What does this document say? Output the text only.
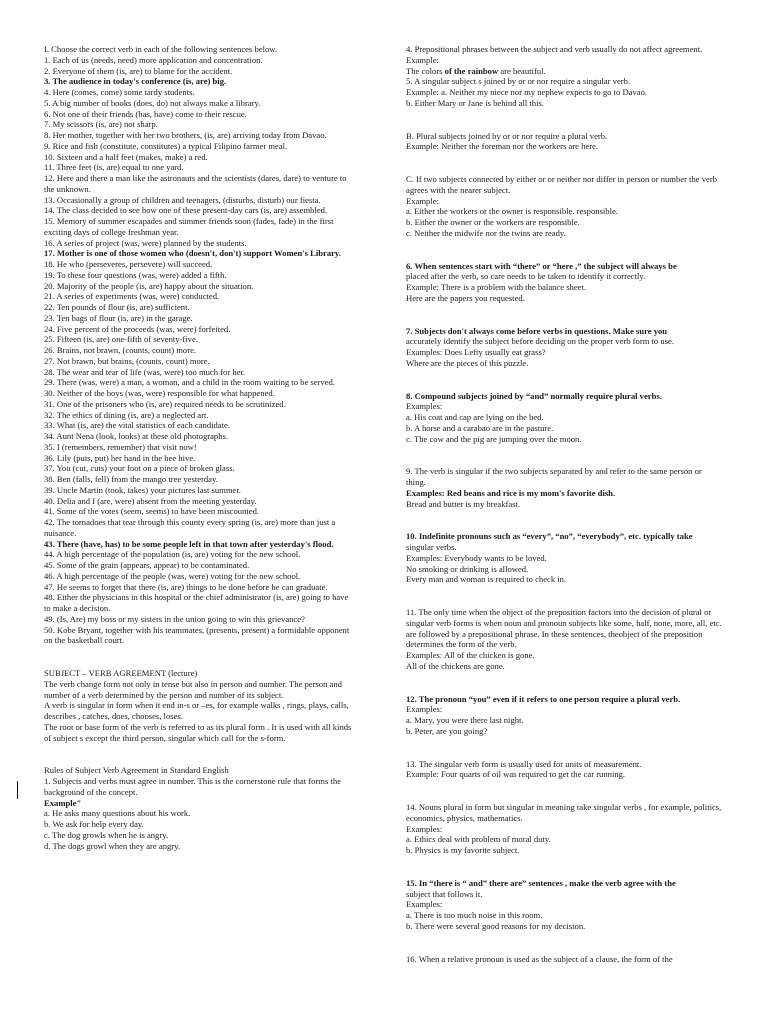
I. Choose the correct verb in each of the following sentences below.

1. Each of us (needs, need) more application and concentration.

2. Everyone of them (is, are) to blame for the accident.

3. The audience in today's conference (is, are) big.

4. Here (comes, come) some tardy students.

5. A big number of books (does, do) not always make a library.

6. Not one of their friends (has, have) come to their rescue.

7. My scissors (is, are) not sharp.

8. Her mother, together with her two brothers, (is, are) arriving today from Davao.

9. Rice and fish (constitute, constitutes) a typical Filipino farmer meal.

10. Sixteen and a half feet (makes, make) a red.

11. Three feet (is, are) equal to one yard.

12. Here and there a man like the astronauts and the scientists (dares, dare) to venture to the unknown.

13. Occasionally a group of children and teenagers, (disturbs, disturb) our fiesta.

14. The class decided to see how one of these present-day cars (is, are) assembled.

15. Memory of summer escapades and summer friends soon (fades, fade) in the first exciting days of college freshman year.

16. A series of project (was, were) planned by the students.

17. Mother is one of those women who (doesn't, don't) support Women's Library.

18. He who (perseveres, persevere) will succeed.

19. To these four questions (was, were) added a fifth.

20. Majority of the people (is, are) happy about the situation.

21. A series of experiments (was, were) conducted.

22. Ten pounds of flour (is, are) sufficient.

23. Ten bags of flour (is, are) in the garage.

24. Five percent of the proceeds (was, were) forfeited.

25. Fifteen (is, are) one-fifth of seventy-five.

26. Brains, not brawn, (counts, count) more.

27. Not brawn, but brains, (counts, count) more.

28. The wear and tear of life (was, were) too much for her.

29. There (was, were) a man, a woman, and a child in the room waiting to be served.

30. Neither of the boys (was, were) responsible for what happened.

31. One of the prisoners who (is, are) required needs to be scrutinized.

32. The ethics of dining (is, are) a neglected art.

33. What (is, are) the vital statistics of each candidate.

34. Aunt Nena (look, looks) at these old photographs.

35. I (remembers, remember) that visit now!

36. Lily (puts, put) her hand in the bee hive.

37. You (cut, cuts) your foot on a piece of broken glass.

38. Ben (falls, fell) from the mango tree yesterday.

39. Uncle Martin (took, takes) your pictures last summer.

40. Delia and I (are, were) absent from the meeting yesterday.

41. Some of the votes (seem, seems) to have been miscounted.

42. The tornadoes that tear through this county every spring (is, are) more than just a nuisance.

43. There (have, has) to be some people left in that town after yesterday's flood.

44. A high percentage of the population (is, are) voting for the new school.

45. Some of the grain (appears, appear) to be contaminated.

46. A high percentage of the people (was, were) voting for the new school.

47. He seems to forget that there (is, are) things to be done before he can graduate.

48. Either the physicians in this hospital or the chief administrator (is, are) going to have to make a decision.

49. (Is, Are) my boss or my sisters in the union going to win this grievance?

50. Kobe Bryant, together with his teammates, (presents, present) a formidable opponent on the basketball court.

SUBJECT – VERB AGREEMENT (lecture)

The verb change form not only in tense but also in person and number. The person and number of a verb determined by the person and number of its subject.

A verb is singular in form when it end in-s or –es, for example walks , rings, plays, calls, describes , catches, does, chooses, loses.

The root or base form of the verb is referred to as its plural form . It is used with all kinds of subject s except the third person, singular which call for the s-form.

Rules of Subject Verb Agreement in Standard English

1. Subjects and verbs must agree in number. This is the cornerstone rule that forms the background of the concept.

Example"

a. He asks many questions about his work.

b. We ask for help every day.

c. The dog growls when he is angry.

d. The dogs growl when they are angry.

4. Prepositional phrases between the subject and verb usually do not affect agreement.

Example:

The colors of the rainbow are beautiful.

5. A singular subject s joined by or or nor require a singular verb.

Example: a. Neither my niece nor my nephew expects to go to Davao.

b. Either Mary or Jane is behind all this.

B. Plural subjects joined by or or nor require a plural verb.

Example: Neither the foreman nor the workers are here.

C. If two subjects connected by either or or neither nor differ in person or number the verb agrees with the nearer subject.

Example:

a. Either the workers or the owner is responsible. responsible.

b. Either the owner or the workers are responsible.

c. Neither the midwife nor the twins are ready.

6. When sentences start with “there” or “here ,” the subject will always be

placed after the verb, so care needs to be taken to identify it correctly.

Example: There is a problem with the balance sheet.

Here are the papers you requested.

7. Subjects don't always come before verbs in questions. Make sure you

accurately identify the subject before deciding on the proper verb form to use.

Examples: Does Lefty usually eat grass?

Where are the pieces of this puzzle.

8. Compound subjects joined by “and” normally require plural verbs.

Examples:

a. His coat and cap are lying on the bed.

b. A horse and a carabao are in the pasture.

c. The cow and the pig are jumping over the moon.

9. The verb is singular if the two subjects separated by and refer to the same person or thing.

Examples: Red beans and rice is my mom's favorite dish.

Bread and butter is my breakfast.

10. Indefinite pronouns such as “every”, “no”, “everybody”, etc. typically take

singular verbs.

Examples: Everybody wants to be loved.

No smoking or drinking is allowed.

Every man and woman is required to check in.

11. The only time when the object of the preposition factors into the decision of plural or singular verb forms is when noun and pronoun subjects like some, half, none, more, all, etc. are followed by a prepositional phrase. In these sentences, theobject of the preposition determines the form of the verb.

Examples: All of the chicken is gone.

All of the chickens are gone.

12. The pronoun “you” even if it refers to one person require a plural verb.

Examples:

a. Mary, you were there last night.

b. Peter, are you going?

13. The singular verb form is usually used for units of measurement.

Example: Four quarts of oil was required to get the car running.

14. Nouns plural in form but singular in meaning take singular verbs , for example, politics, economics, physics, mathematics.

Examples:

a. Ethics deal with problem of moral duty.

b. Physics is my favorite subject.

15. In “there is “ and” there are” sentences , make the verb agree with the

subject that follows it.

Examples:

a. There is too much noise in this room.

b. There were several good reasons for my decision.

16. When a relative pronoun is used as the subject of a clause, the form of the
